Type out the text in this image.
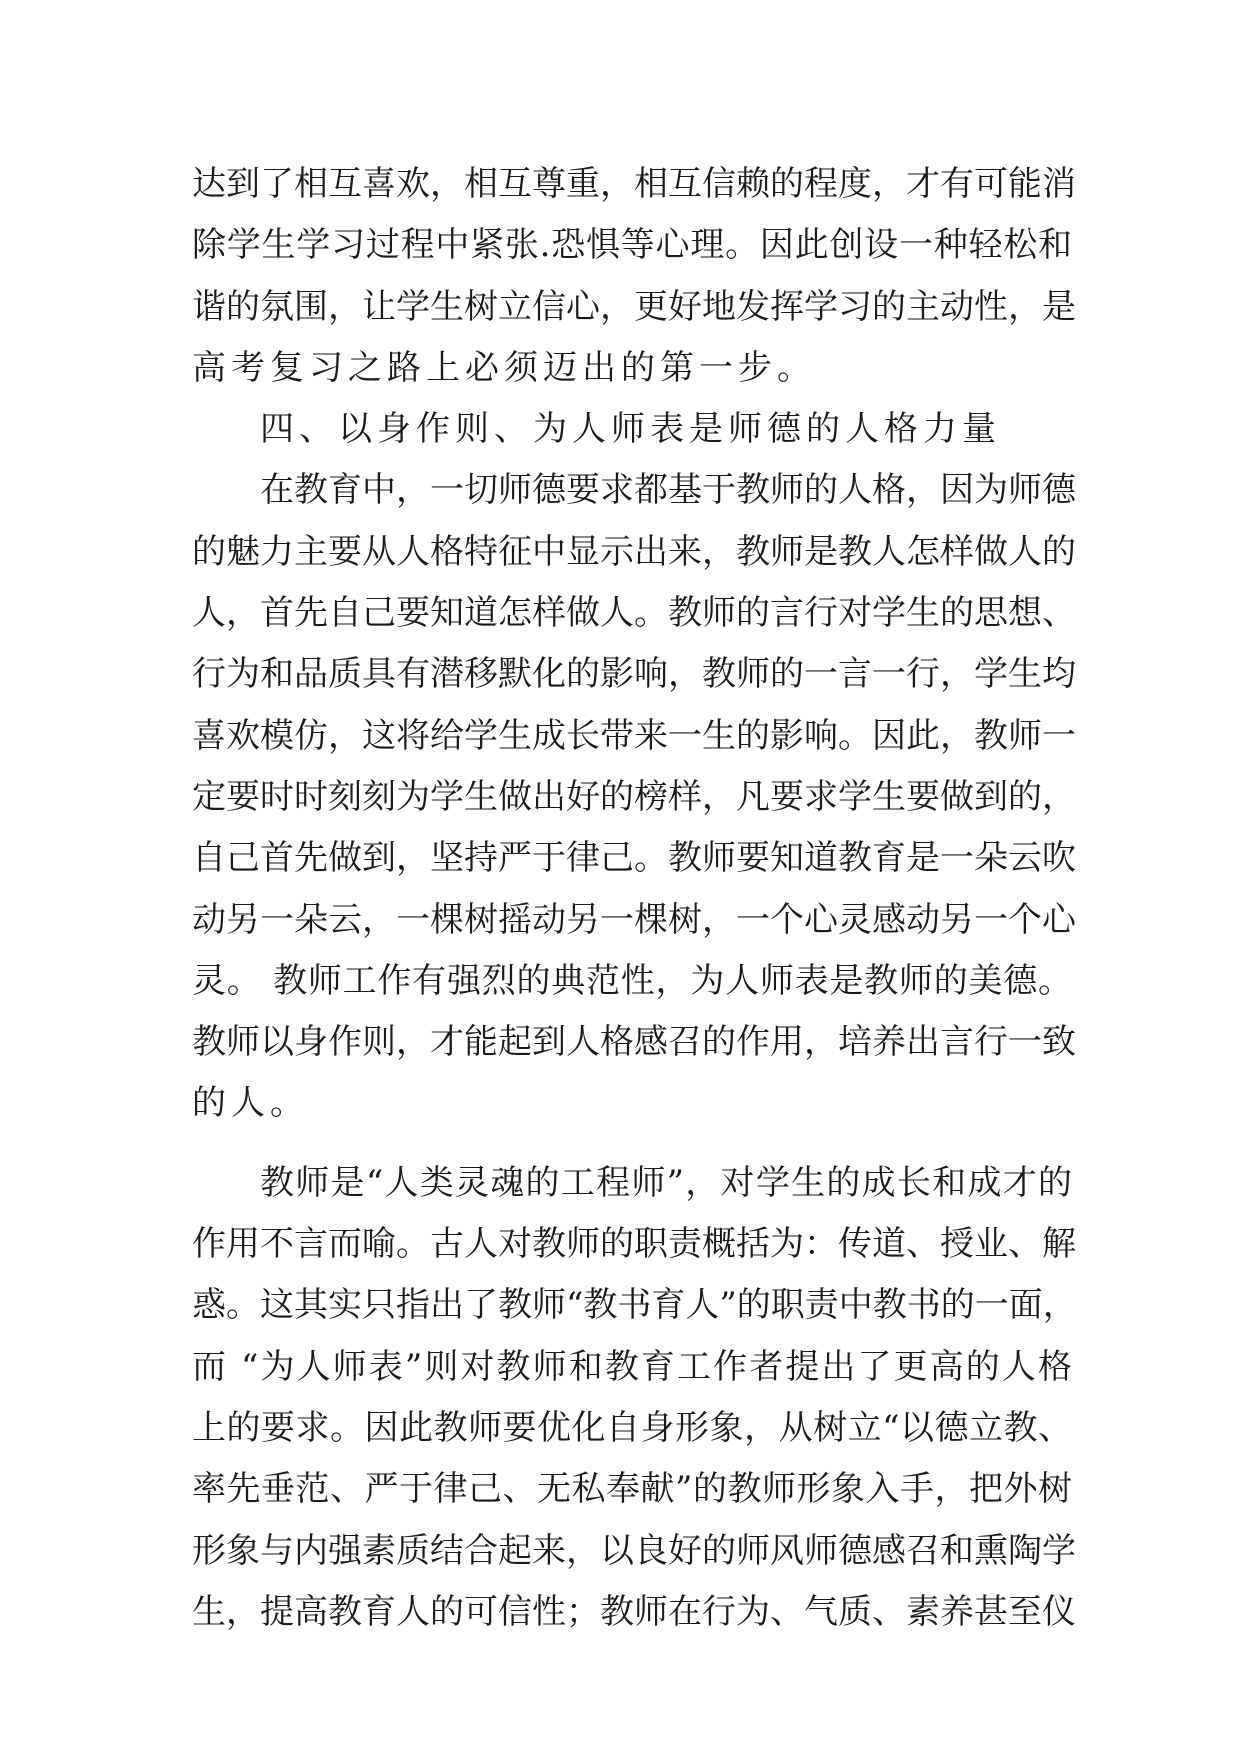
达到了相互喜欢，相互尊重，相互信赖的程度，才有可能消
除学生学习过程中紧张.恐惧等心理。因此创设一种轻松和
谐的氛围，让学生树立信心，更好地发挥学习的主动性，是
高考复习之路上必须迈出的第一步。
四、以身作则、为人师表是师德的人格力量
在教育中，一切师德要求都基于教师的人格，因为师德
的魅力主要从人格特征中显示出来，教师是教人怎样做人的
人，首先自己要知道怎样做人。教师的言行对学生的思想、
行为和品质具有潜移默化的影响，教师的一言一行，学生均
喜欢模仿，这将给学生成长带来一生的影响。因此，教师一
定要时时刻刻为学生做出好的榜样，凡要求学生要做到的，
自己首先做到，坚持严于律己。教师要知道教育是一朵云吹
动另一朵云，一棵树摇动另一棵树，一个心灵感动另一个心
灵。 教师工作有强烈的典范性，为人师表是教师的美德。
教师以身作则，才能起到人格感召的作用，培养出言行一致
的人。
教师是“人类灵魂的工程师”，对学生的成长和成才的
作用不言而喻。古人对教师的职责概括为：传道、授业、解
惑。这其实只指出了教师“教书育人”的职责中教书的一面，
而 “为人师表”则对教师和教育工作者提出了更高的人格
上的要求。因此教师要优化自身形象，从树立“以德立教、
率先垂范、严于律己、无私奉献”的教师形象入手，把外树
形象与内强素质结合起来，以良好的师风师德感召和熏陶学
生，提高教育人的可信性；教师在行为、气质、素养甚至仪
